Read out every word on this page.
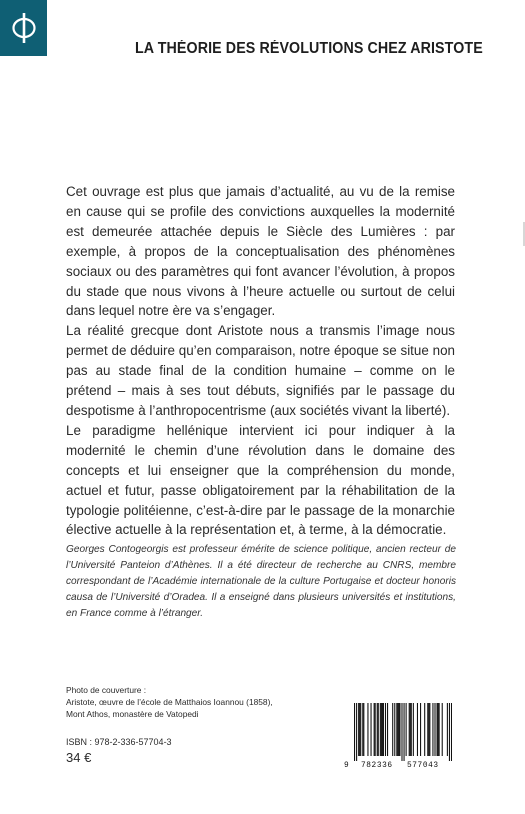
LA THÉORIE DES RÉVOLUTIONS CHEZ ARISTOTE

Cet ouvrage est plus que jamais d’actualité, au vu de la remise en cause qui se profile des convictions auxquelles la modernité est demeurée attachée depuis le Siècle des Lumières : par exemple, à propos de la conceptualisation des phénomènes sociaux ou des paramètres qui font avancer l’évolution, à propos du stade que nous vivons à l’heure actuelle ou surtout de celui dans lequel notre ère va s’engager.

La réalité grecque dont Aristote nous a transmis l’image nous permet de déduire qu’en comparaison, notre époque se situe non pas au stade final de la condition humaine – comme on le prétend – mais à ses tout débuts, signifiés par le passage du despotisme à l’anthropocentrisme (aux sociétés vivant la liberté).

Le paradigme hellénique intervient ici pour indiquer à la modernité le chemin d’une révolution dans le domaine des concepts et lui enseigner que la compréhension du monde, actuel et futur, passe obligatoirement par la réhabilitation de la typologie politéienne, c’est-à-dire par le passage de la monarchie élective actuelle à la représentation et, à terme, à la démocratie.

Georges Contogeorgis est professeur émérite de science politique, ancien recteur de l’Université Panteion d’Athènes. Il a été directeur de recherche au CNRS, membre correspondant de l’Académie internationale de la culture Portugaise et docteur honoris causa de l’Université d’Oradea. Il a enseigné dans plusieurs universités et institutions, en France comme à l’étranger.
Photo de couverture :
Aristote, œuvre de l’école de Matthaios Ioannou (1858),
Mont Athos, monastère de Vatopedi
ISBN : 978-2-336-57704-3
34 €
9 782336 577043
